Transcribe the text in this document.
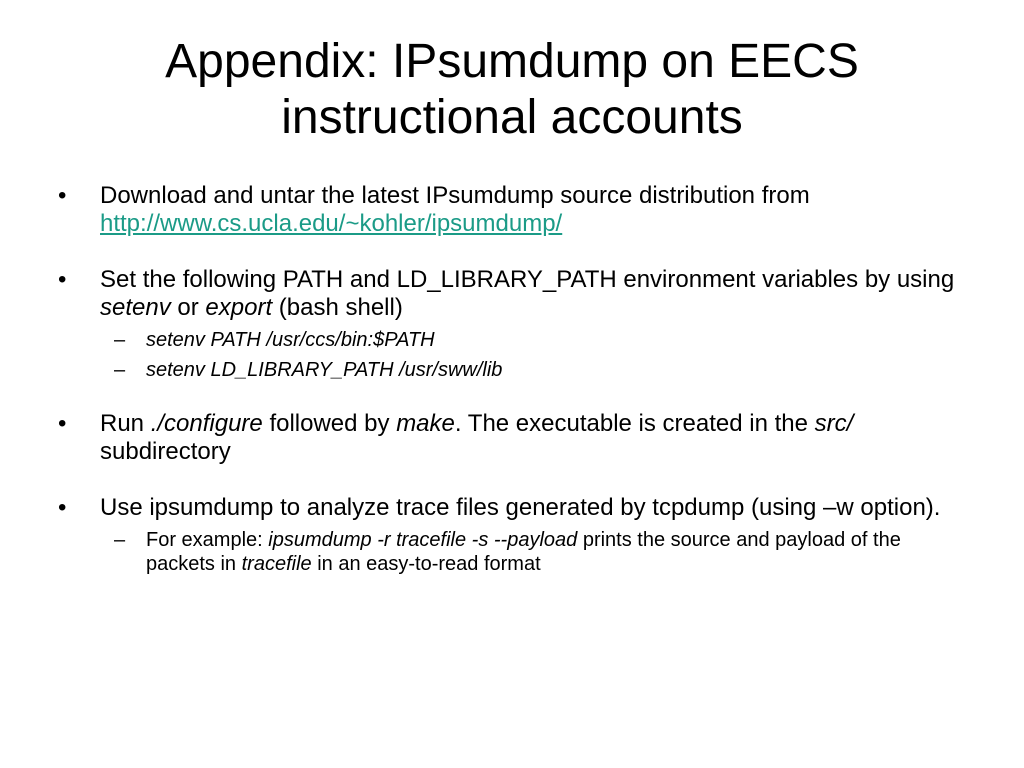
Appendix: IPsumdump on EECS
instructional accounts
• Download and untar the latest IPsumdump source distribution from http://www.cs.ucla.edu/~kohler/ipsumdump/
• Set the following PATH and LD_LIBRARY_PATH environment variables by using setenv or export (bash shell)
– setenv PATH /usr/ccs/bin:$PATH
– setenv LD_LIBRARY_PATH /usr/sww/lib
• Run ./configure followed by make. The executable is created in the src/ subdirectory
• Use ipsumdump to analyze trace files generated by tcpdump (using –w option).
– For example: ipsumdump -r tracefile -s --payload prints the source and payload of the packets in tracefile in an easy-to-read format
